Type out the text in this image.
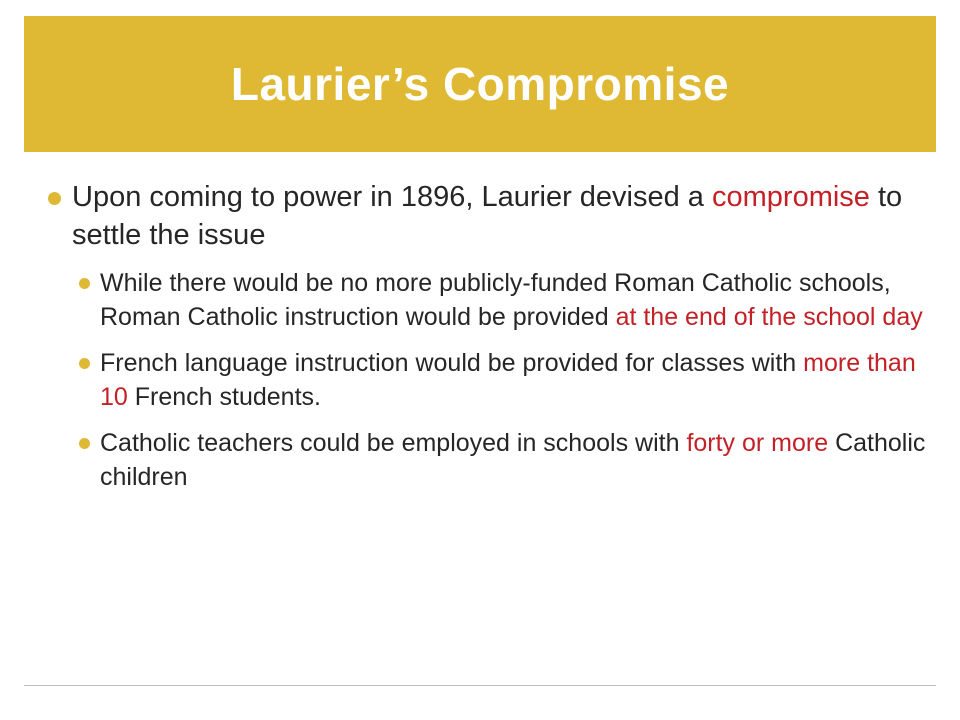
Laurier’s Compromise
Upon coming to power in 1896, Laurier devised a compromise to settle the issue
While there would be no more publicly-funded Roman Catholic schools, Roman Catholic instruction would be provided at the end of the school day
French language instruction would be provided for classes with more than 10 French students.
Catholic teachers could be employed in schools with forty or more Catholic children
